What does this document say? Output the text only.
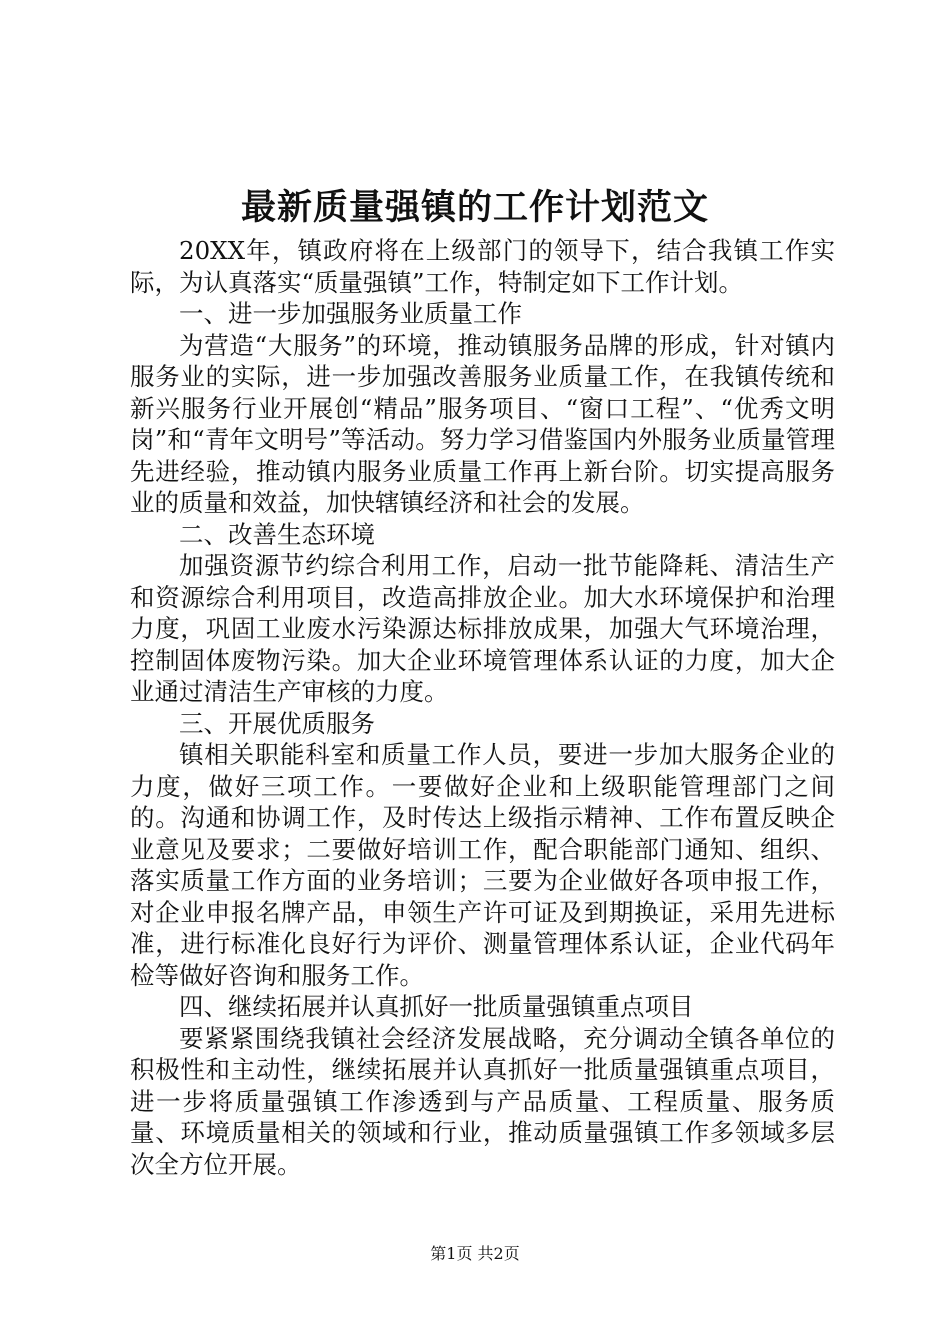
最新质量强镇的工作计划范文

20XX年，镇政府将在上级部门的领导下，结合我镇工作实际，为认真落实“质量强镇”工作，特制定如下工作计划。

一、进一步加强服务业质量工作

为营造“大服务”的环境，推动镇服务品牌的形成，针对镇内服务业的实际，进一步加强改善服务业质量工作，在我镇传统和新兴服务行业开展创“精品”服务项目、“窗口工程”、“优秀文明岗”和“青年文明号”等活动。努力学习借鉴国内外服务业质量管理先进经验，推动镇内服务业质量工作再上新台阶。切实提高服务业的质量和效益，加快辖镇经济和社会的发展。

二、改善生态环境

加强资源节约综合利用工作，启动一批节能降耗、清洁生产和资源综合利用项目，改造高排放企业。加大水环境保护和治理力度，巩固工业废水污染源达标排放成果，加强大气环境治理，控制固体废物污染。加大企业环境管理体系认证的力度，加大企业通过清洁生产审核的力度。

三、开展优质服务

镇相关职能科室和质量工作人员，要进一步加大服务企业的力度，做好三项工作。一要做好企业和上级职能管理部门之间的。沟通和协调工作，及时传达上级指示精神、工作布置反映企业意见及要求；二要做好培训工作，配合职能部门通知、组织、落实质量工作方面的业务培训；三要为企业做好各项申报工作，对企业申报名牌产品，申领生产许可证及到期换证，采用先进标准，进行标准化良好行为评价、测量管理体系认证，企业代码年检等做好咨询和服务工作。

四、继续拓展并认真抓好一批质量强镇重点项目

要紧紧围绕我镇社会经济发展战略，充分调动全镇各单位的积极性和主动性，继续拓展并认真抓好一批质量强镇重点项目，进一步将质量强镇工作渗透到与产品质量、工程质量、服务质量、环境质量相关的领域和行业，推动质量强镇工作多领域多层次全方位开展。

第1页 共2页
